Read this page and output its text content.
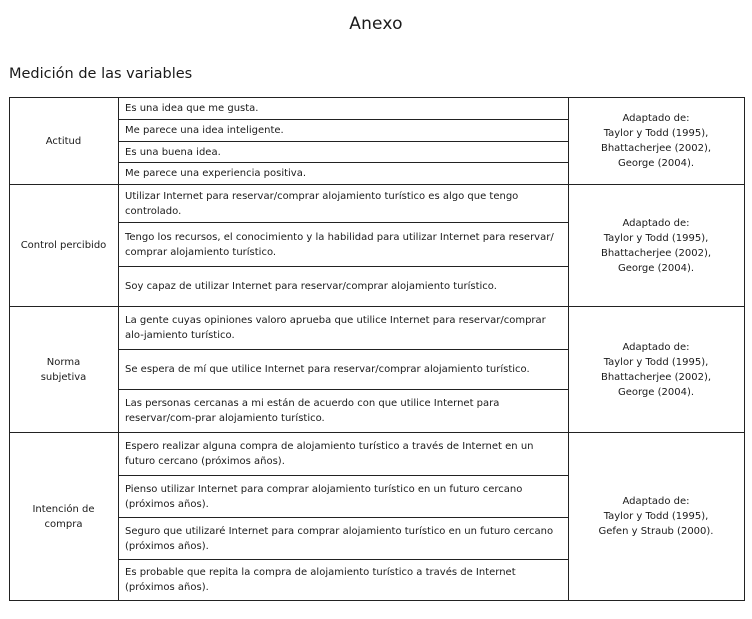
Anexo
Medición de las variables
Actitud	Es una idea que me gusta.	Adaptado de:
Taylor y Todd (1995),
Bhattacherjee (2002),
George (2004).

	Me parece una idea inteligente.	
	Es una buena idea.	
	Me parece una experiencia positiva.	

Control percibido	Utilizar Internet para reservar/comprar alojamiento turístico es algo que tengo controlado.	Adaptado de:
Taylor y Todd (1995),
Bhattacherjee (2002),
George (2004).

	Tengo los recursos, el conocimiento y la habilidad para utilizar Internet para reservar/ comprar alojamiento turístico.	
	Soy capaz de utilizar Internet para reservar/comprar alojamiento turístico.	

Norma
subjetiva	La gente cuyas opiniones valoro aprueba que utilice Internet para reservar/comprar alo-jamiento turístico.	Adaptado de:
Taylor y Todd (1995),
Bhattacherjee (2002),
George (2004).

	Se espera de mí que utilice Internet para reservar/comprar alojamiento turístico.	
	Las personas cercanas a mi están de acuerdo con que utilice Internet para reservar/com-prar alojamiento turístico.	

Intención de compra	Espero realizar alguna compra de alojamiento turístico a través de Internet en un futuro cercano (próximos años).	Adaptado de:
Taylor y Todd (1995),
Gefen y Straub (2000).

	Pienso utilizar Internet para comprar alojamiento turístico en un futuro cercano (próximos años).	
	Seguro que utilizaré Internet para comprar alojamiento turístico en un futuro cercano (próximos años).	
	Es probable que repita la compra de alojamiento turístico a través de Internet (próximos años).	
